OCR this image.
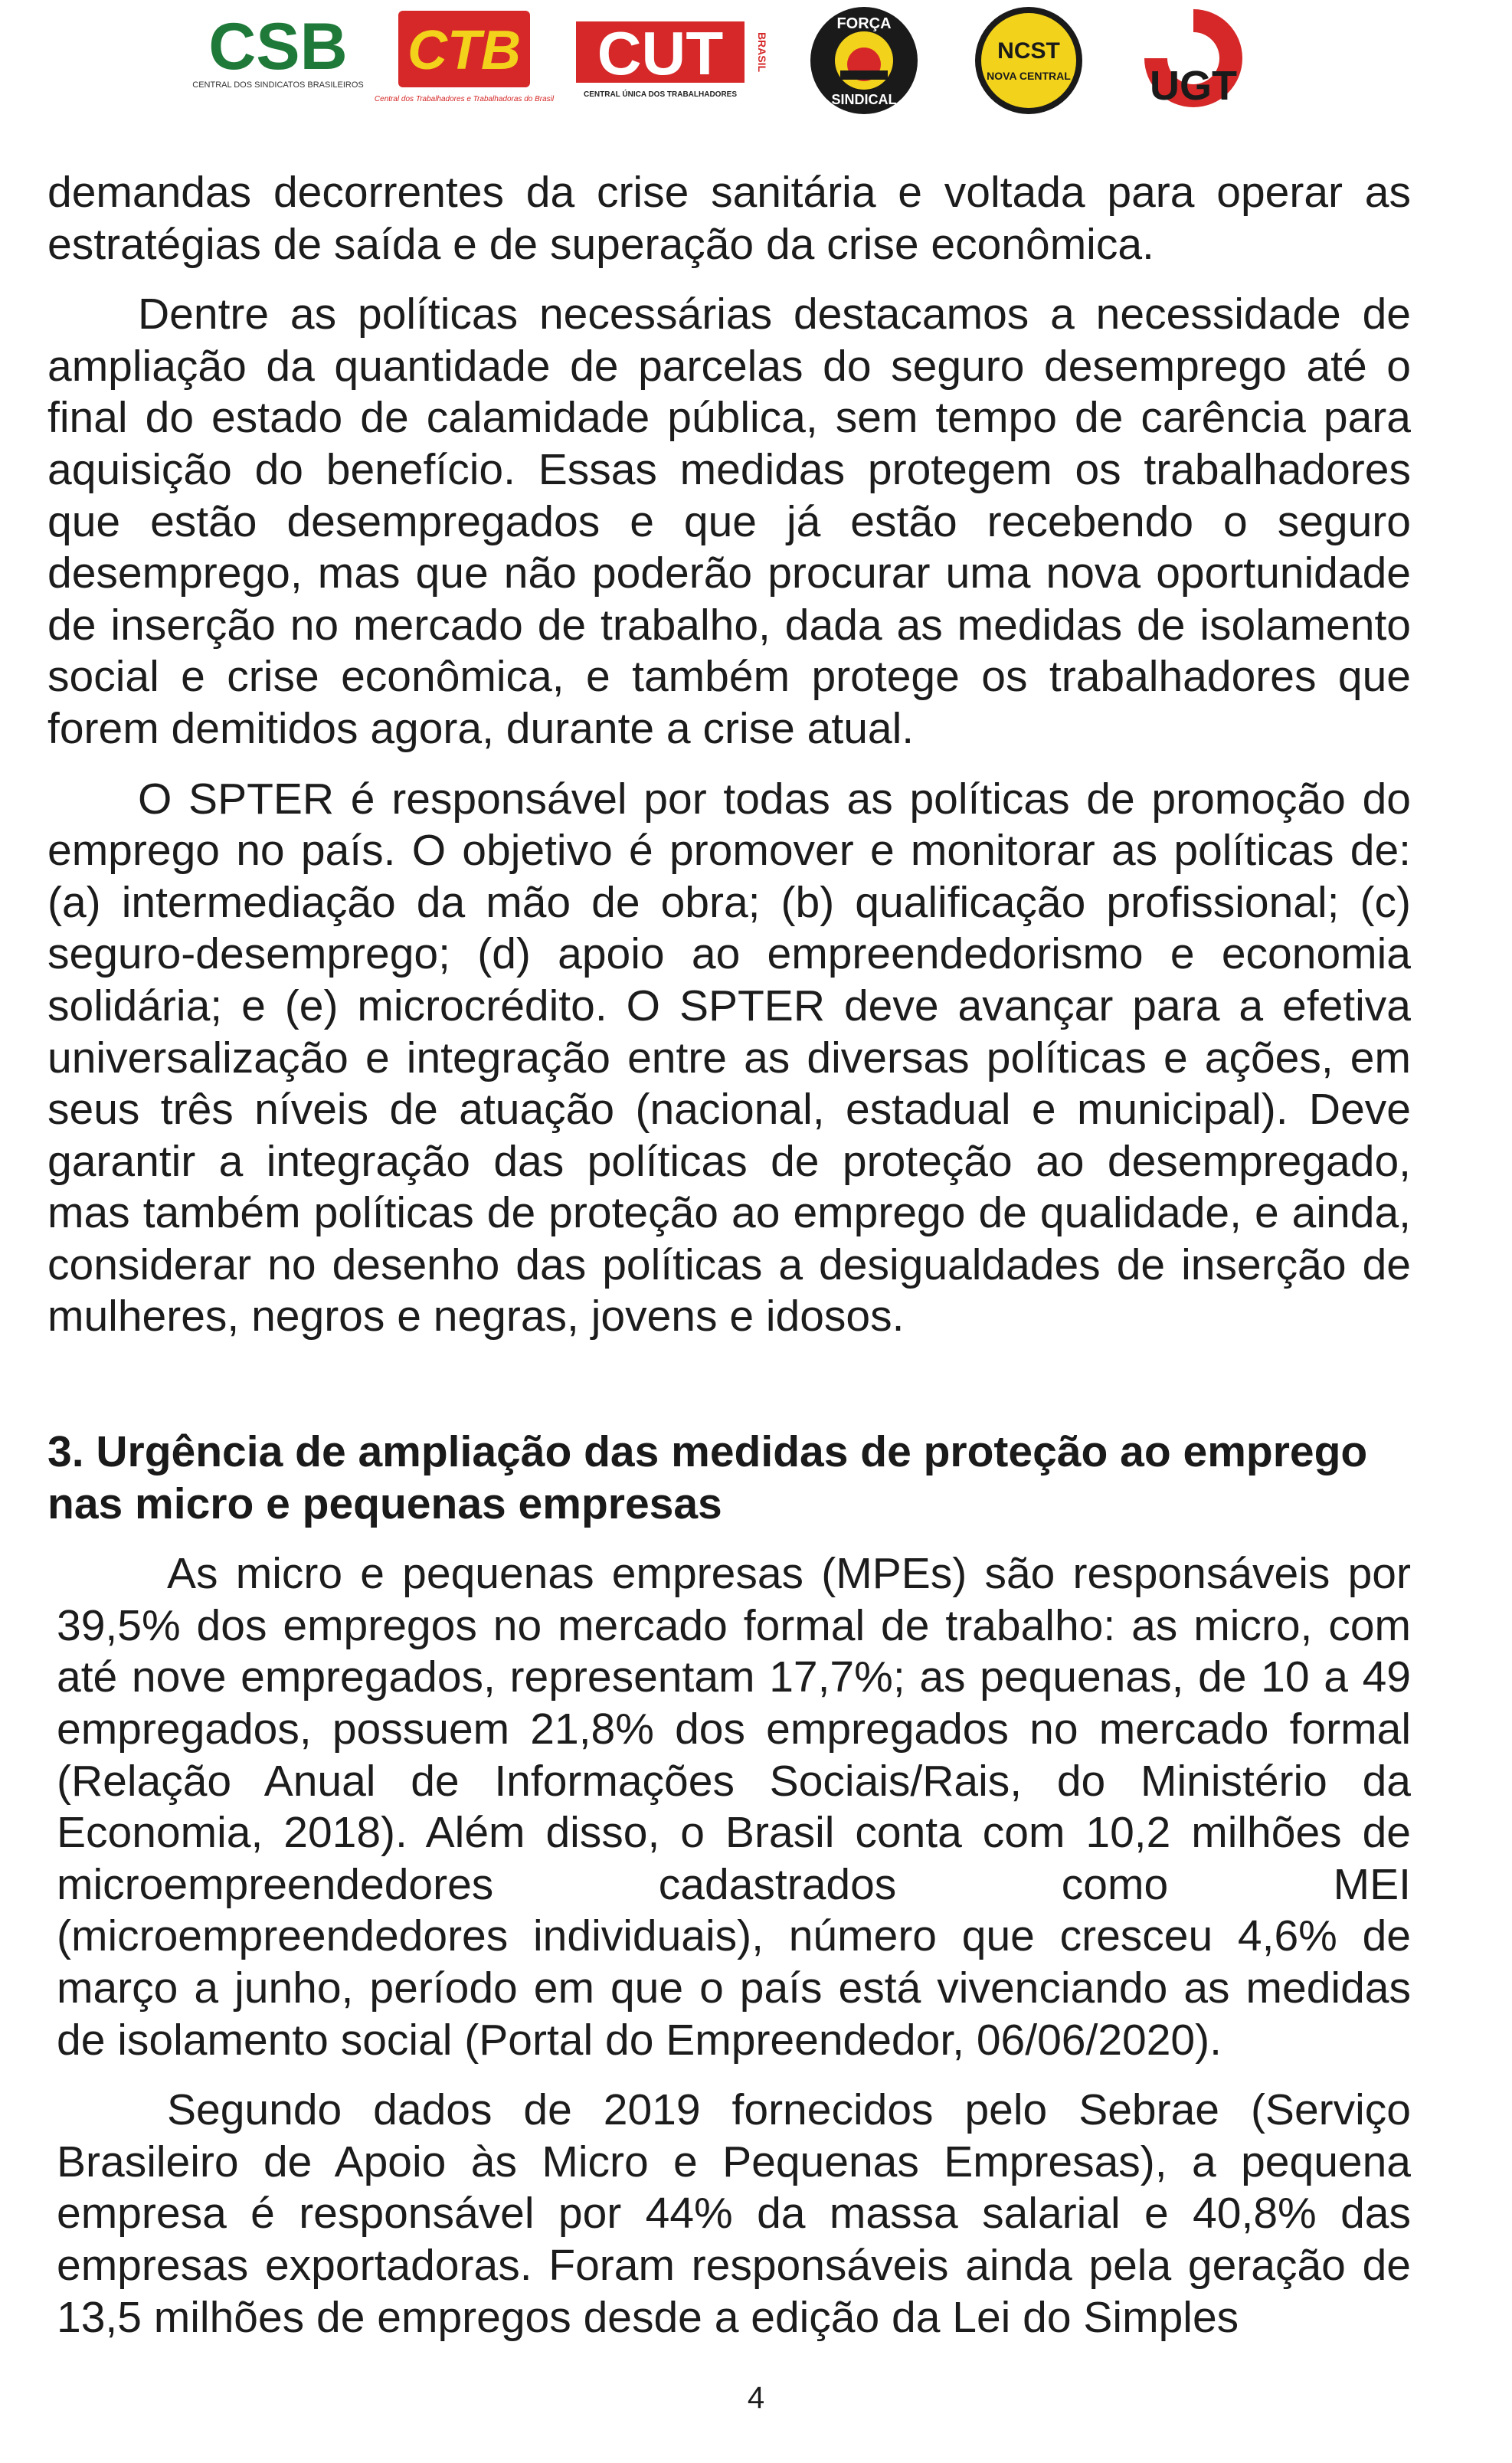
CSB
CENTRAL DOS SINDICATOS BRASILEIROS
CTB
Central dos Trabalhadores e Trabalhadoras do Brasil
CUT	BRASIL
CENTRAL ÚNICA DOS TRABALHADORES
FORÇA
SINDICAL
NCST
NOVA CENTRAL UGT

demandas decorrentes da crise sanitária e voltada para operar as estratégias de saída e de superação da crise econômica.

Dentre as políticas necessárias destacamos a necessidade de ampliação da quantidade de parcelas do seguro desemprego até o final do estado de calamidade pública, sem tempo de carência para aquisição do benefício. Essas medidas protegem os trabalhadores que estão desempregados e que já estão recebendo o seguro desemprego, mas que não poderão procurar uma nova oportunidade de inserção no mercado de trabalho, dada as medidas de isolamento social e crise econômica, e também protege os trabalhadores que forem demitidos agora, durante a crise atual.

O SPTER é responsável por todas as políticas de promoção do emprego no país. O objetivo é promover e monitorar as políticas de: (a) intermediação da mão de obra; (b) qualificação profissional; (c) seguro-desemprego; (d) apoio ao empreendedorismo e economia solidária; e (e) microcrédito. O SPTER deve avançar para a efetiva universalização e integração entre as diversas políticas e ações, em seus três níveis de atuação (nacional, estadual e municipal). Deve garantir a integração das políticas de proteção ao desempregado, mas também políticas de proteção ao emprego de qualidade, e ainda, considerar no desenho das políticas a desigualdades de inserção de mulheres, negros e negras, jovens e idosos.

3. Urgência de ampliação das medidas de proteção ao emprego nas micro e pequenas empresas

As micro e pequenas empresas (MPEs) são responsáveis por 39,5% dos empregos no mercado formal de trabalho: as micro, com até nove empregados, representam 17,7%; as pequenas, de 10 a 49 empregados, possuem 21,8% dos empregados no mercado formal (Relação Anual de Informações Sociais/Rais, do Ministério da Economia, 2018). Além disso, o Brasil conta com 10,2 milhões de microempreendedores cadastrados como MEI (microempreendedores individuais), número que cresceu 4,6% de março a junho, período em que o país está vivenciando as medidas de isolamento social (Portal do Empreendedor, 06/06/2020).

Segundo dados de 2019 fornecidos pelo Sebrae (Serviço Brasileiro de Apoio às Micro e Pequenas Empresas), a pequena empresa é responsável por 44% da massa salarial e 40,8% das empresas exportadoras. Foram responsáveis ainda pela geração de 13,5 milhões de empregos desde a edição da Lei do Simples

4
